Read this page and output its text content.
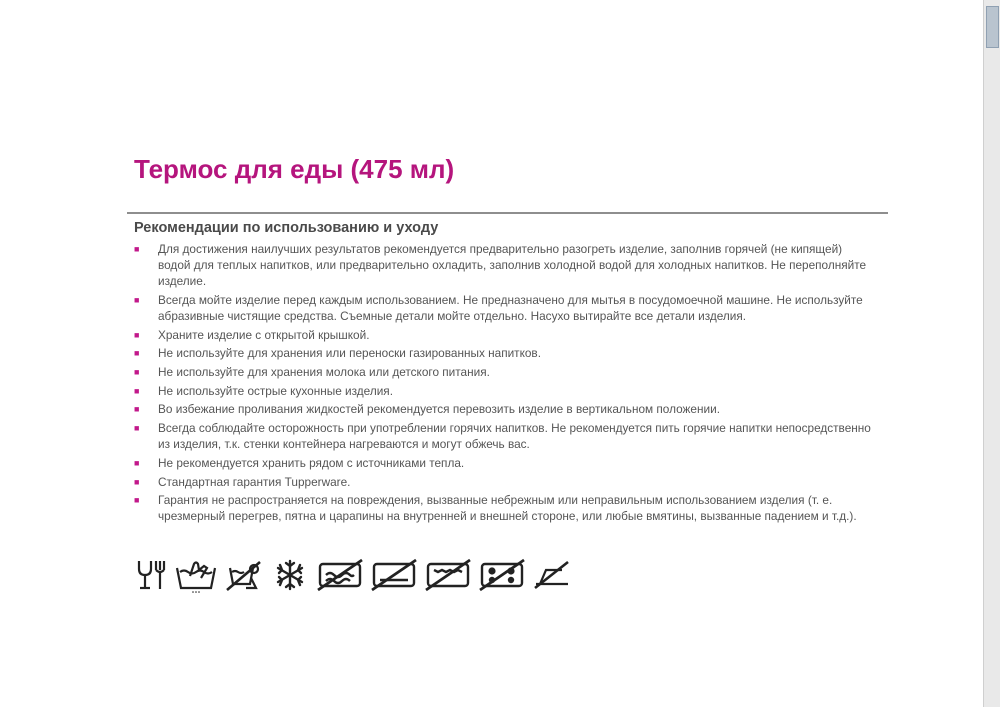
Термос для еды (475 мл)
Рекомендации по использованию и уходу
■ Для достижения наилучших результатов рекомендуется предварительно разогреть изделие, заполнив горячей (не кипящей) водой для теплых напитков, или предварительно охладить, заполнив холодной водой для холодных напитков. Не переполняйте изделие.
■ Всегда мойте изделие перед каждым использованием. Не предназначено для мытья в посудомоечной машине. Не используйте абразивные чистящие средства. Съемные детали мойте отдельно. Насухо вытирайте все детали изделия.
■ Храните изделие с открытой крышкой.
■ Не используйте для хранения или переноски газированных напитков.
■ Не используйте для хранения молока или детского питания.
■ Не используйте острые кухонные изделия.
■ Во избежание проливания жидкостей рекомендуется перевозить изделие в вертикальном положении.
■ Всегда соблюдайте осторожность при употреблении горячих напитков. Не рекомендуется пить горячие напитки непосредственно из изделия, т.к. стенки контейнера нагреваются и могут обжечь вас.
■ Не рекомендуется хранить рядом с источниками тепла.
■ Стандартная гарантия Tupperware.
■ Гарантия не распространяется на повреждения, вызванные небрежным или неправильным использованием изделия (т. е. чрезмерный перегрев, пятна и царапины на внутренней и внешней стороне, или любые вмятины, вызванные падением и т.д.).
